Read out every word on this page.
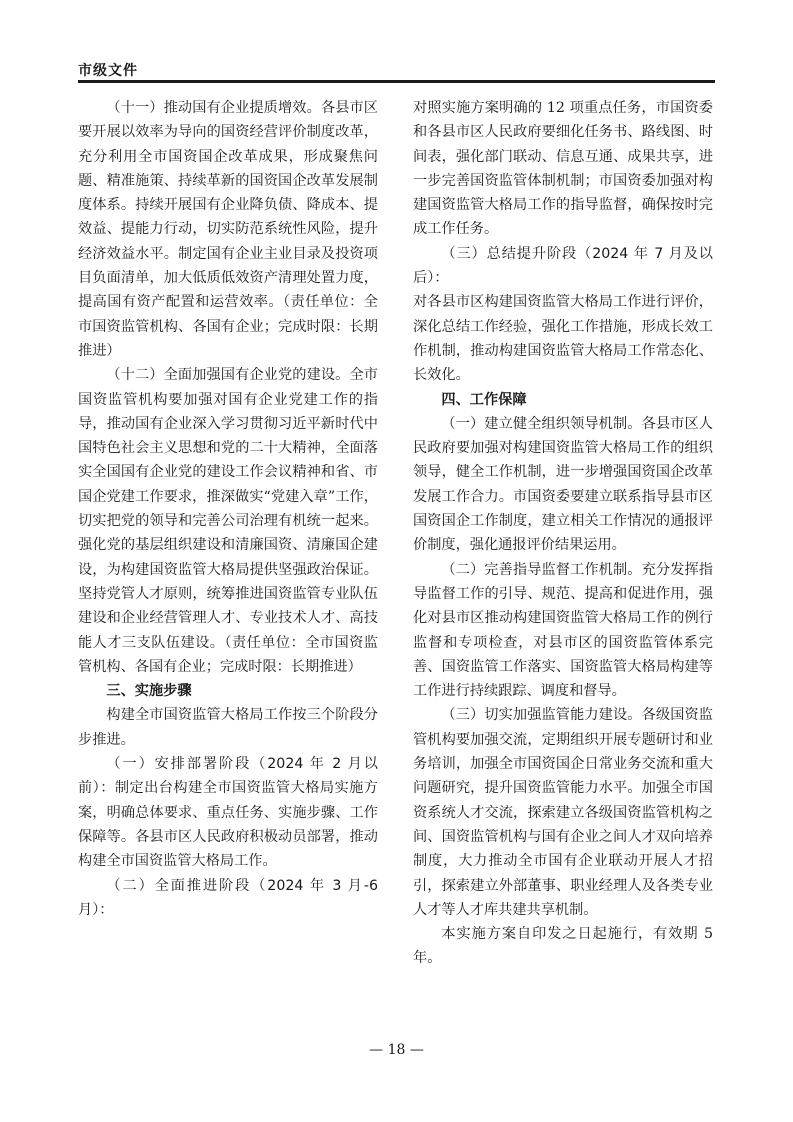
市级文件

（十一）推动国有企业提质增效。各县市区要开展以效率为导向的国资经营评价制度改革，充分利用全市国资国企改革成果，形成聚焦问题、精准施策、持续革新的国资国企改革发展制度体系。持续开展国有企业降负债、降成本、提效益、提能力行动，切实防范系统性风险，提升经济效益水平。制定国有企业主业目录及投资项目负面清单，加大低质低效资产清理处置力度，提高国有资产配置和运营效率。（责任单位：全市国资监管机构、各国有企业；完成时限：长期推进）

（十二）全面加强国有企业党的建设。全市国资监管机构要加强对国有企业党建工作的指导，推动国有企业深入学习贯彻习近平新时代中国特色社会主义思想和党的二十大精神，全面落实全国国有企业党的建设工作会议精神和省、市国企党建工作要求，推深做实“党建入章”工作，切实把党的领导和完善公司治理有机统一起来。强化党的基层组织建设和清廉国资、清廉国企建设，为构建国资监管大格局提供坚强政治保证。坚持党管人才原则，统筹推进国资监管专业队伍建设和企业经营管理人才、专业技术人才、高技能人才三支队伍建设。（责任单位：全市国资监管机构、各国有企业；完成时限：长期推进）

三、实施步骤

构建全市国资监管大格局工作按三个阶段分步推进。

（一）安排部署阶段（2024 年 2 月以前）：制定出台构建全市国资监管大格局实施方案，明确总体要求、重点任务、实施步骤、工作保障等。各县市区人民政府积极动员部署，推动构建全市国资监管大格局工作。

（二）全面推进阶段（2024 年 3 月-6 月）：

对照实施方案明确的 12 项重点任务，市国资委和各县市区人民政府要细化任务书、路线图、时间表，强化部门联动、信息互通、成果共享，进一步完善国资监管体制机制；市国资委加强对构建国资监管大格局工作的指导监督，确保按时完成工作任务。

（三）总结提升阶段（2024 年 7 月及以后）：

对各县市区构建国资监管大格局工作进行评价，深化总结工作经验，强化工作措施，形成长效工作机制，推动构建国资监管大格局工作常态化、长效化。

四、工作保障

（一）建立健全组织领导机制。各县市区人民政府要加强对构建国资监管大格局工作的组织领导，健全工作机制，进一步增强国资国企改革发展工作合力。市国资委要建立联系指导县市区国资国企工作制度，建立相关工作情况的通报评价制度，强化通报评价结果运用。

（二）完善指导监督工作机制。充分发挥指导监督工作的引导、规范、提高和促进作用，强化对县市区推动构建国资监管大格局工作的例行监督和专项检查，对县市区的国资监管体系完善、国资监管工作落实、国资监管大格局构建等工作进行持续跟踪、调度和督导。

（三）切实加强监管能力建设。各级国资监管机构要加强交流，定期组织开展专题研讨和业务培训，加强全市国资国企日常业务交流和重大问题研究，提升国资监管能力水平。加强全市国资系统人才交流，探索建立各级国资监管机构之间、国资监管机构与国有企业之间人才双向培养制度，大力推动全市国有企业联动开展人才招引，探索建立外部董事、职业经理人及各类专业人才等人才库共建共享机制。

本实施方案自印发之日起施行，有效期 5 年。

— 18 —
